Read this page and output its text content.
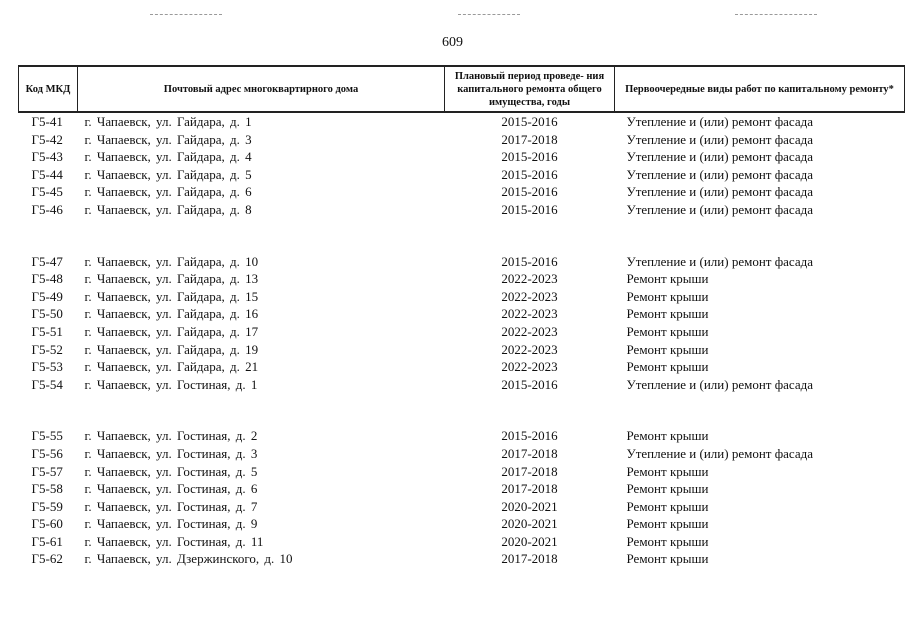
609
Код МКД	Почтовый адрес многоквартирного дома	Плановый период проведе- ния капитального ремонта общего имущества, годы	Первоочередные виды работ по капитальному ремонту*
Г5-41	г. Чапаевск, ул. Гайдара, д. 1	2015-2016	Утепление и (или) ремонт фасада
Г5-42	г. Чапаевск, ул. Гайдара, д. 3	2017-2018	Утепление и (или) ремонт фасада
Г5-43	г. Чапаевск, ул. Гайдара, д. 4	2015-2016	Утепление и (или) ремонт фасада
Г5-44	г. Чапаевск, ул. Гайдара, д. 5	2015-2016	Утепление и (или) ремонт фасада
Г5-45	г. Чапаевск, ул. Гайдара, д. 6	2015-2016	Утепление и (или) ремонт фасада
Г5-46	г. Чапаевск, ул. Гайдара, д. 8	2015-2016	Утепление и (или) ремонт фасада

Г5-47	г. Чапаевск, ул. Гайдара, д. 10	2015-2016	Утепление и (или) ремонт фасада
Г5-48	г. Чапаевск, ул. Гайдара, д. 13	2022-2023	Ремонт крыши
Г5-49	г. Чапаевск, ул. Гайдара, д. 15	2022-2023	Ремонт крыши
Г5-50	г. Чапаевск, ул. Гайдара, д. 16	2022-2023	Ремонт крыши
Г5-51	г. Чапаевск, ул. Гайдара, д. 17	2022-2023	Ремонт крыши
Г5-52	г. Чапаевск, ул. Гайдара, д. 19	2022-2023	Ремонт крыши
Г5-53	г. Чапаевск, ул. Гайдара, д. 21	2022-2023	Ремонт крыши
Г5-54	г. Чапаевск, ул. Гостиная, д. 1	2015-2016	Утепление и (или) ремонт фасада

Г5-55	г. Чапаевск, ул. Гостиная, д. 2	2015-2016	Ремонт крыши
Г5-56	г. Чапаевск, ул. Гостиная, д. 3	2017-2018	Утепление и (или) ремонт фасада
Г5-57	г. Чапаевск, ул. Гостиная, д. 5	2017-2018	Ремонт крыши
Г5-58	г. Чапаевск, ул. Гостиная, д. 6	2017-2018	Ремонт крыши
Г5-59	г. Чапаевск, ул. Гостиная, д. 7	2020-2021	Ремонт крыши
Г5-60	г. Чапаевск, ул. Гостиная, д. 9	2020-2021	Ремонт крыши
Г5-61	г. Чапаевск, ул. Гостиная, д. 11	2020-2021	Ремонт крыши
Г5-62	г. Чапаевск, ул. Дзержинского, д. 10	2017-2018	Ремонт крыши
